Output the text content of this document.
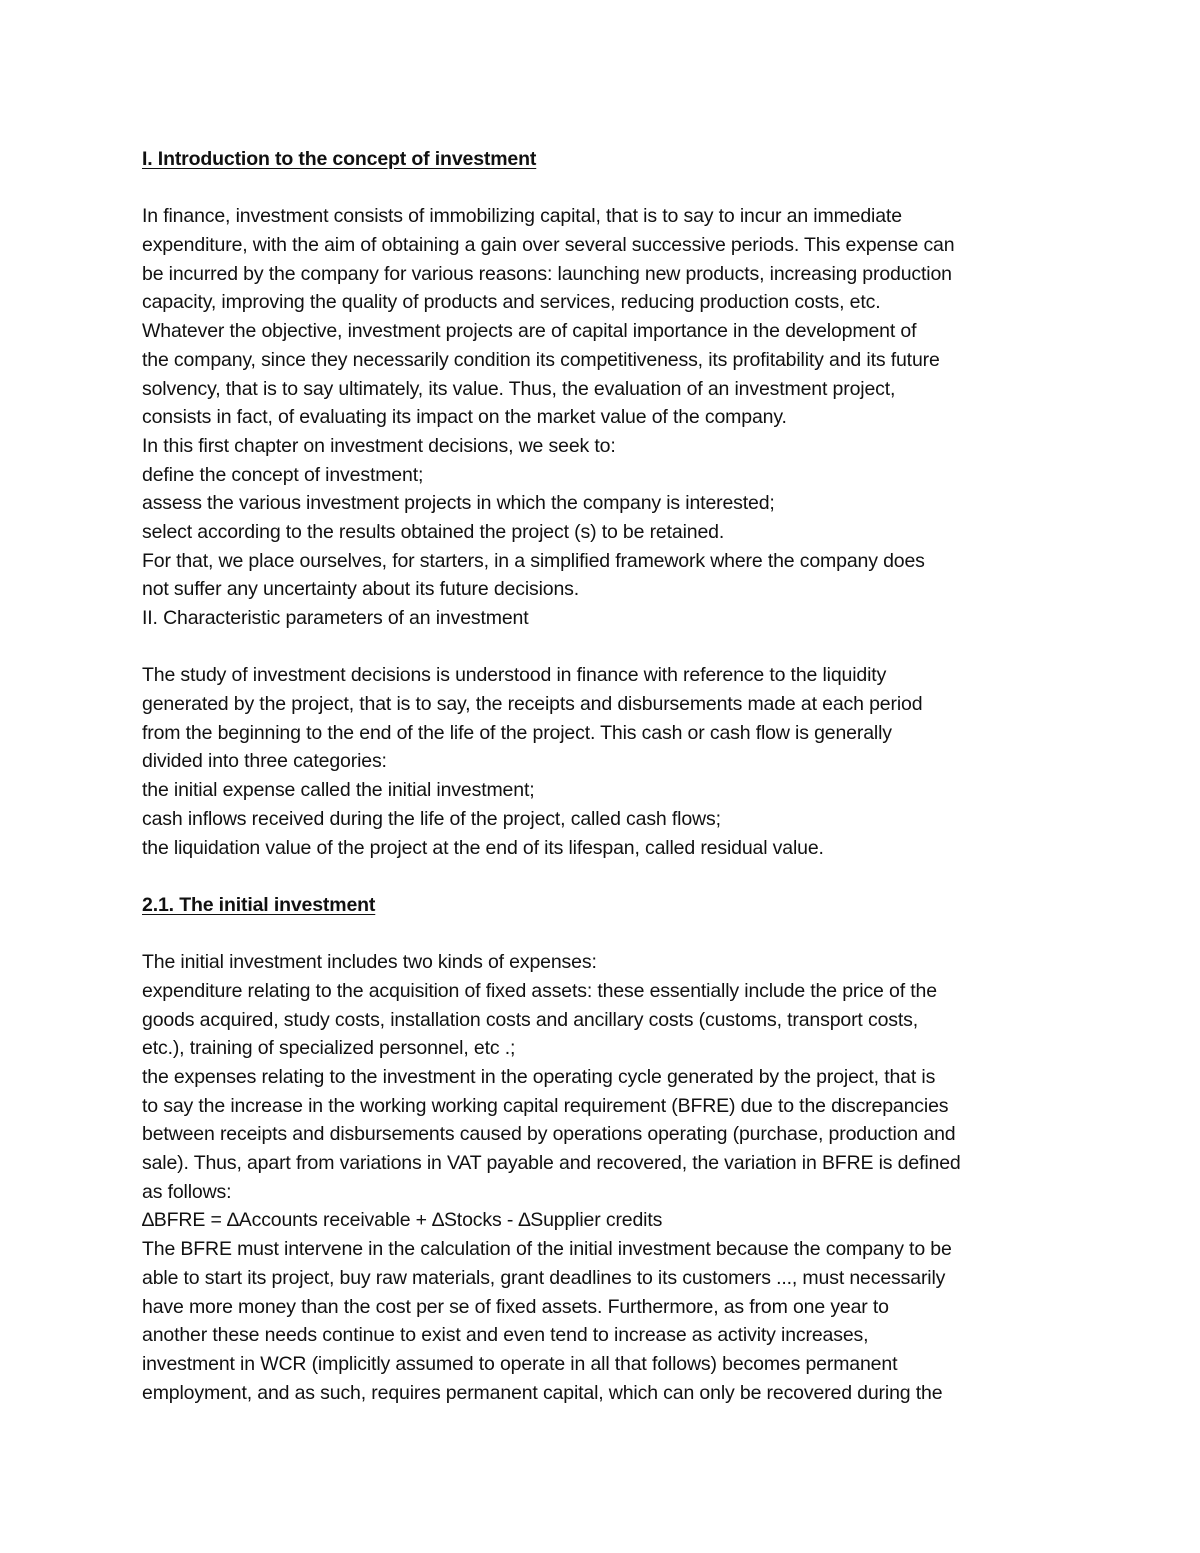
I. Introduction to the concept of investment
In finance, investment consists of immobilizing capital, that is to say to incur an immediate
expenditure, with the aim of obtaining a gain over several successive periods. This expense can
be incurred by the company for various reasons: launching new products, increasing production
capacity, improving the quality of products and services, reducing production costs, etc.
Whatever the objective, investment projects are of capital importance in the development of
the company, since they necessarily condition its competitiveness, its profitability and its future
solvency, that is to say ultimately, its value. Thus, the evaluation of an investment project,
consists in fact, of evaluating its impact on the market value of the company.
In this first chapter on investment decisions, we seek to:
define the concept of investment;
assess the various investment projects in which the company is interested;
select according to the results obtained the project (s) to be retained.
For that, we place ourselves, for starters, in a simplified framework where the company does
not suffer any uncertainty about its future decisions.
II. Characteristic parameters of an investment
The study of investment decisions is understood in finance with reference to the liquidity
generated by the project, that is to say, the receipts and disbursements made at each period
from the beginning to the end of the life of the project. This cash or cash flow is generally
divided into three categories:
the initial expense called the initial investment;
cash inflows received during the life of the project, called cash flows;
the liquidation value of the project at the end of its lifespan, called residual value.
2.1. The initial investment
The initial investment includes two kinds of expenses:
expenditure relating to the acquisition of fixed assets: these essentially include the price of the
goods acquired, study costs, installation costs and ancillary costs (customs, transport costs,
etc.), training of specialized personnel, etc .;
the expenses relating to the investment in the operating cycle generated by the project, that is
to say the increase in the working working capital requirement (BFRE) due to the discrepancies
between receipts and disbursements caused by operations operating (purchase, production and
sale). Thus, apart from variations in VAT payable and recovered, the variation in BFRE is defined
as follows:
∆BFRE = ∆Accounts receivable + ∆Stocks - ∆Supplier credits
The BFRE must intervene in the calculation of the initial investment because the company to be
able to start its project, buy raw materials, grant deadlines to its customers ..., must necessarily
have more money than the cost per se of fixed assets. Furthermore, as from one year to
another these needs continue to exist and even tend to increase as activity increases,
investment in WCR (implicitly assumed to operate in all that follows) becomes permanent
employment, and as such, requires permanent capital, which can only be recovered during the
